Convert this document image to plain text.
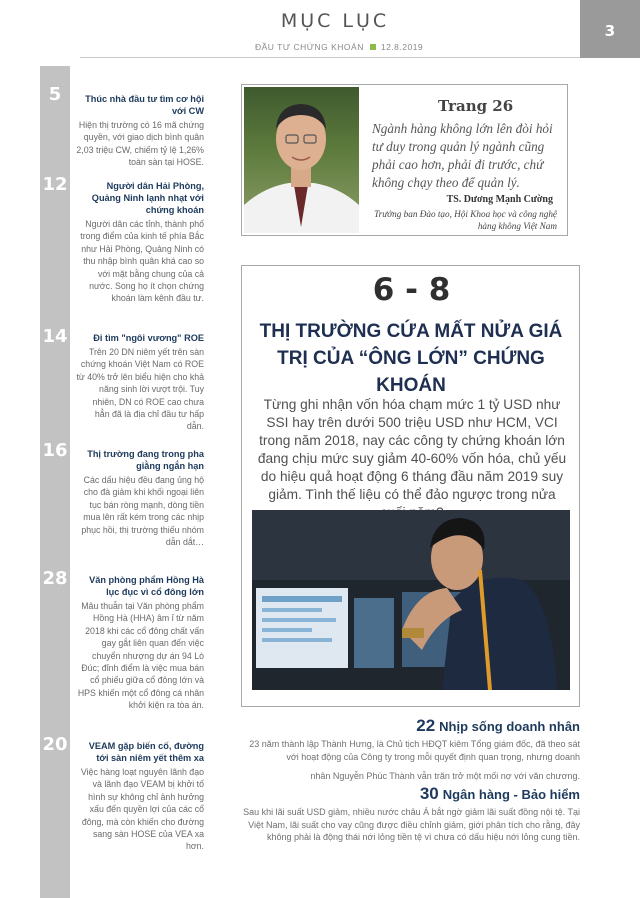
MỤC LỤC
ĐẦU TƯ CHỨNG KHOÁN 12.8.2019
3
5	Thúc nhà đầu tư tìm cơ hội với CW
Hiện thị trường có 16 mã chứng quyền, với giao dịch bình quân 2,03 triệu CW, chiếm tỷ lệ 1,26% toàn sàn tại HOSE.
12	Người dân Hải Phòng, Quảng Ninh lạnh nhạt với chứng khoán
Người dân các tỉnh, thành phố trong điểm của kinh tế phía Bắc như Hải Phòng, Quảng Ninh có thu nhập bình quân khá cao so với mặt bằng chung của cả nước. Song họ ít chọn chứng khoán làm kênh đầu tư.
14	Đi tìm "ngôi vương" ROE
Trên 20 DN niêm yết trên sàn chứng khoán Việt Nam có ROE từ 40% trở lên biểu hiện cho khả năng sinh lời vượt trội. Tuy nhiên, DN có ROE cao chưa hẳn đã là địa chỉ đầu tư hấp dẫn.
16	Thị trường đang trong pha giằng ngắn hạn
Các dấu hiệu đều đang ủng hộ cho đà giảm khi khối ngoại liên tục bán ròng mạnh, dòng tiền mua lên rất kém trong các nhịp phục hồi, thị trường thiếu nhóm dẫn dắt…
28	Văn phòng phẩm Hồng Hà lục đục vì cổ đông lớn
Mâu thuẫn tại Văn phòng phẩm Hồng Hà (HHA) âm ỉ từ năm 2018 khi các cổ đông chất vấn gay gắt liên quan đến việc chuyển nhượng dự án 94 Lò Đúc; đỉnh điểm là việc mua bán cổ phiếu giữa cổ đông lớn và HPS khiến một cổ đông cá nhân khởi kiện ra tòa án.
20	VEAM gặp biến cố, đường tới sàn niêm yết thêm xa
Việc hàng loạt nguyên lãnh đạo và lãnh đạo VEAM bị khởi tố hình sự không chỉ ảnh hưởng xấu đến quyền lợi của các cổ đông, mà còn khiến cho đường sang sàn HOSE của VEA xa hơn.
Trang 26
Ngành hàng không lớn lên đòi hỏi tư duy trong quản lý ngành cũng phải cao hơn, phải đi trước, chứ không chạy theo để quản lý.
TS. Dương Mạnh Cường
Trưởng ban Đào tạo, Hội Khoa học và công nghệ hàng không Việt Nam
6 - 8
THỊ TRƯỜNG CỨA MẤT NỬA GIÁ TRỊ CỦA “ÔNG LỚN” CHỨNG KHOÁN
Từng ghi nhận vốn hóa chạm mức 1 tỷ USD như SSI hay trên dưới 500 triệu USD như HCM, VCI trong năm 2018, nay các công ty chứng khoán lớn đang chịu mức suy giảm 40-60% vốn hóa, chủ yếu do hiệu quả hoạt động 6 tháng đầu năm 2019 suy giảm. Tình thế liệu có thể đảo ngược trong nửa
22 Nhịp sống doanh nhân
23 năm thành lập Thành Hưng, là Chủ tịch HĐQT kiêm Tổng giám đốc, đã theo sát với hoạt động của Công ty trong mỗi quyết định quan trọng, nhưng doanh
nhân Nguyễn Phúc Thành vẫn trăn trở một mối nợ với văn chương.
30 Ngân hàng - Bảo hiểm
Sau khi lãi suất USD giảm, nhiều nước châu Á bắt ngờ giảm lãi suất đồng nội tệ. Tại Việt Nam, lãi suất cho vay cũng được điều chỉnh giảm, giới phân tích cho rằng, đây không phải là động thái nới lỏng tiền tệ vì chưa có dấu hiệu nới lỏng cung tiền.
